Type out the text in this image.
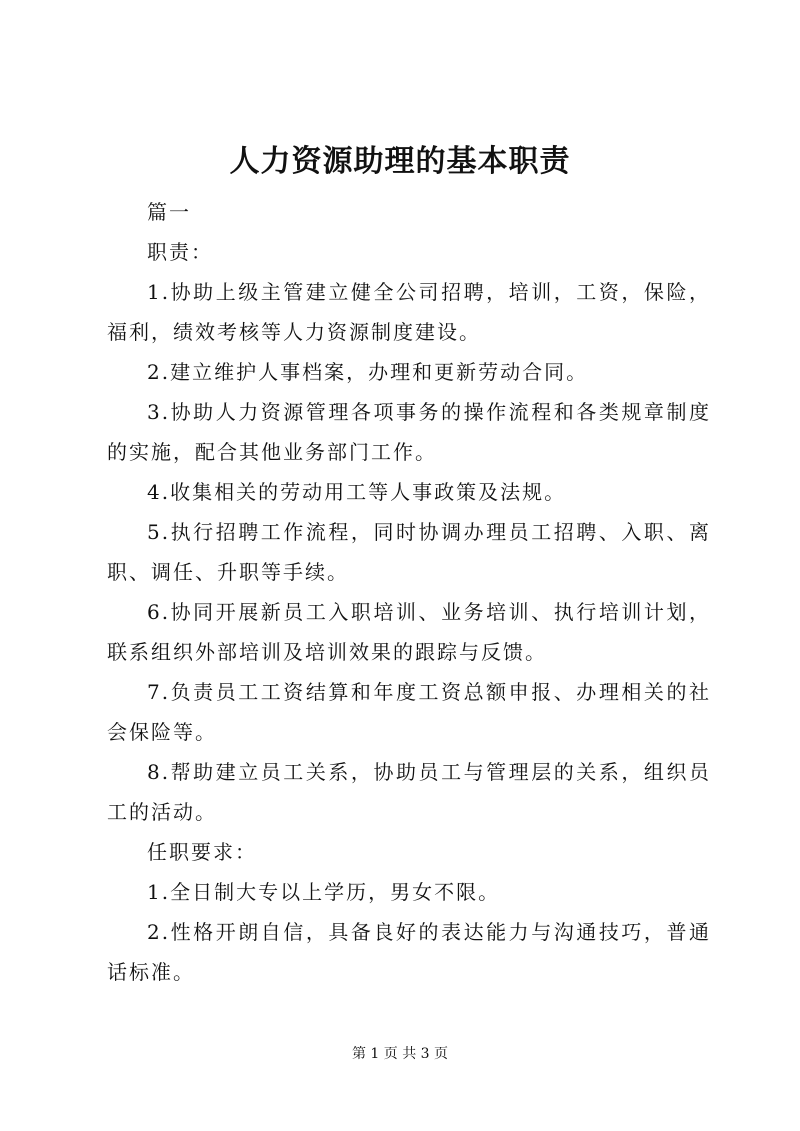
人力资源助理的基本职责

篇一

职责：

1.协助上级主管建立健全公司招聘，培训，工资，保险，福利，绩效考核等人力资源制度建设。

2.建立维护人事档案，办理和更新劳动合同。

3.协助人力资源管理各项事务的操作流程和各类规章制度的实施，配合其他业务部门工作。

4.收集相关的劳动用工等人事政策及法规。

5.执行招聘工作流程，同时协调办理员工招聘、入职、离职、调任、升职等手续。

6.协同开展新员工入职培训、业务培训、执行培训计划，联系组织外部培训及培训效果的跟踪与反馈。

7.负责员工工资结算和年度工资总额申报、办理相关的社会保险等。

8.帮助建立员工关系，协助员工与管理层的关系，组织员工的活动。

任职要求：

1.全日制大专以上学历，男女不限。

2.性格开朗自信，具备良好的表达能力与沟通技巧，普通话标准。

第 1 页 共 3 页
